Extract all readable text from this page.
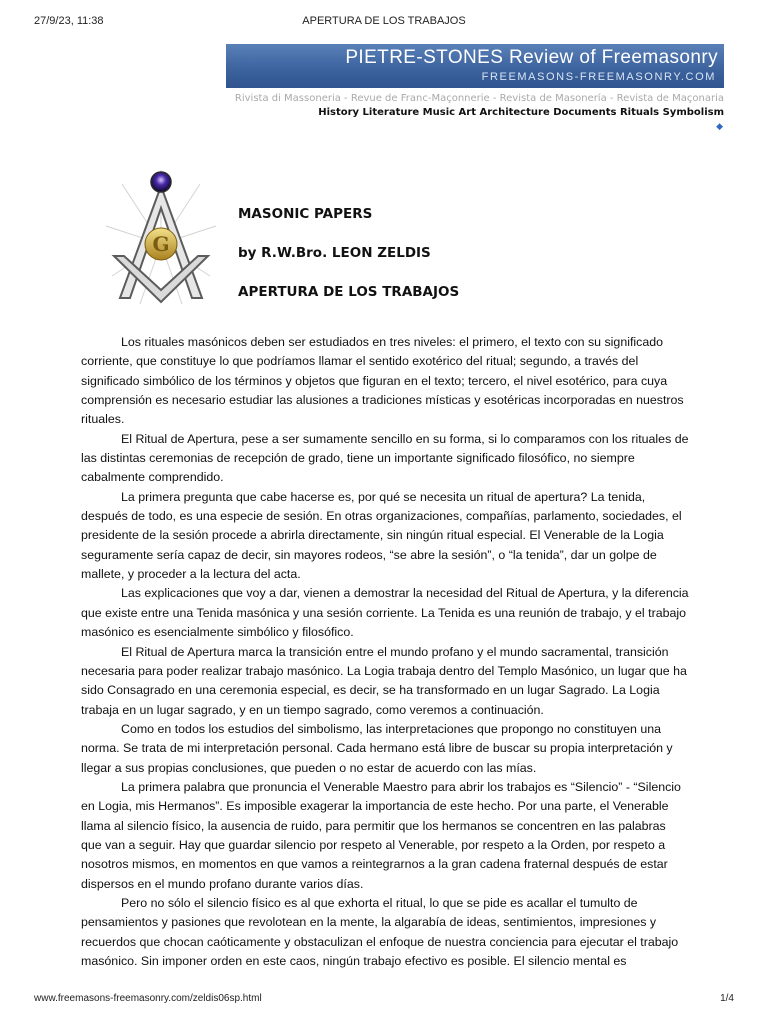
27/9/23, 11:38	APERTURA DE LOS TRABAJOS
PIETRE-STONES Review of Freemasonry
FREEMASONS-FREEMASONRY.COM
Rivista di Massoneria - Revue de Franc-Maçonnerie - Revista de Masonería - Revista de Maçonaria
History Literature Music Art Architecture Documents Rituals Symbolism
◆
G
MASONIC PAPERS
by R.W.Bro. LEON ZELDIS
APERTURA DE LOS TRABAJOS

Los rituales masónicos deben ser estudiados en tres niveles: el primero, el texto con su significado corriente, que constituye lo que podríamos llamar el sentido exotérico del ritual; segundo, a través del significado simbólico de los términos y objetos que figuran en el texto; tercero, el nivel esotérico, para cuya comprensión es necesario estudiar las alusiones a tradiciones místicas y esotéricas incorporadas en nuestros rituales.

El Ritual de Apertura, pese a ser sumamente sencillo en su forma, si lo comparamos con los rituales de las distintas ceremonias de recepción de grado, tiene un importante significado filosófico, no siempre cabalmente comprendido.

La primera pregunta que cabe hacerse es, por qué se necesita un ritual de apertura? La tenida, después de todo, es una especie de sesión. En otras organizaciones, compañías, parlamento, sociedades, el presidente de la sesión procede a abrirla directamente, sin ningún ritual especial. El Venerable de la Logia seguramente sería capaz de decir, sin mayores rodeos, “se abre la sesión”, o “la tenida”, dar un golpe de mallete, y proceder a la lectura del acta.

Las explicaciones que voy a dar, vienen a demostrar la necesidad del Ritual de Apertura, y la diferencia que existe entre una Tenida masónica y una sesión corriente. La Tenida es una reunión de trabajo, y el trabajo masónico es esencialmente simbólico y filosófico.

El Ritual de Apertura marca la transición entre el mundo profano y el mundo sacramental, transición necesaria para poder realizar trabajo masónico. La Logia trabaja dentro del Templo Masónico, un lugar que ha sido Consagrado en una ceremonia especial, es decir, se ha transformado en un lugar Sagrado. La Logia trabaja en un lugar sagrado, y en un tiempo sagrado, como veremos a continuación.

Como en todos los estudios del simbolismo, las interpretaciones que propongo no constituyen una norma. Se trata de mi interpretación personal. Cada hermano está libre de buscar su propia interpretación y llegar a sus propias conclusiones, que pueden o no estar de acuerdo con las mías.

La primera palabra que pronuncia el Venerable Maestro para abrir los trabajos es “Silencio” - “Silencio en Logia, mis Hermanos”. Es imposible exagerar la importancia de este hecho. Por una parte, el Venerable llama al silencio físico, la ausencia de ruido, para permitir que los hermanos se concentren en las palabras que van a seguir. Hay que guardar silencio por respeto al Venerable, por respeto a la Orden, por respeto a nosotros mismos, en momentos en que vamos a reintegrarnos a la gran cadena fraternal después de estar dispersos en el mundo profano durante varios días.

Pero no sólo el silencio físico es al que exhorta el ritual, lo que se pide es acallar el tumulto de pensamientos y pasiones que revolotean en la mente, la algarabía de ideas, sentimientos, impresiones y recuerdos que chocan caóticamente y obstaculizan el enfoque de nuestra conciencia para ejecutar el trabajo masónico. Sin imponer orden en este caos, ningún trabajo efectivo es posible. El silencio mental es

www.freemasons-freemasonry.com/zeldis06sp.html	1/4
